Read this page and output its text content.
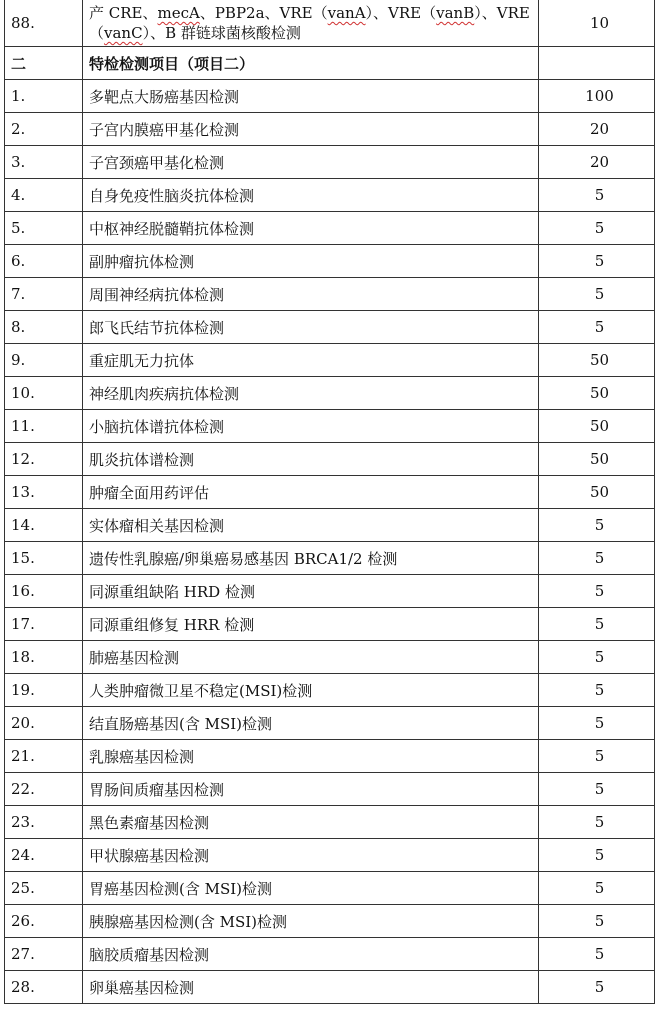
88.	产 CRE、mecA、PBP2a、VRE（vanA）、VRE（vanB）、VRE（vanC）、B 群链球菌核酸检测	10
二	特检检测项目（项目二）	
1.	多靶点大肠癌基因检测	100
2.	子宫内膜癌甲基化检测	20
3.	子宫颈癌甲基化检测	20
4.	自身免疫性脑炎抗体检测	5
5.	中枢神经脱髓鞘抗体检测	5
6.	副肿瘤抗体检测	5
7.	周围神经病抗体检测	5
8.	郎飞氏结节抗体检测	5
9.	重症肌无力抗体	50
10.	神经肌肉疾病抗体检测	50
11.	小脑抗体谱抗体检测	50
12.	肌炎抗体谱检测	50
13.	肿瘤全面用药评估	50
14.	实体瘤相关基因检测	5
15.	遗传性乳腺癌/卵巢癌易感基因 BRCA1/2 检测	5
16.	同源重组缺陷 HRD 检测	5
17.	同源重组修复 HRR 检测	5
18.	肺癌基因检测	5
19.	人类肿瘤微卫星不稳定(MSI)检测	5
20.	结直肠癌基因(含 MSI)检测	5
21.	乳腺癌基因检测	5
22.	胃肠间质瘤基因检测	5
23.	黑色素瘤基因检测	5
24.	甲状腺癌基因检测	5
25.	胃癌基因检测(含 MSI)检测	5
26.	胰腺癌基因检测(含 MSI)检测	5
27.	脑胶质瘤基因检测	5
28.	卵巢癌基因检测	5
